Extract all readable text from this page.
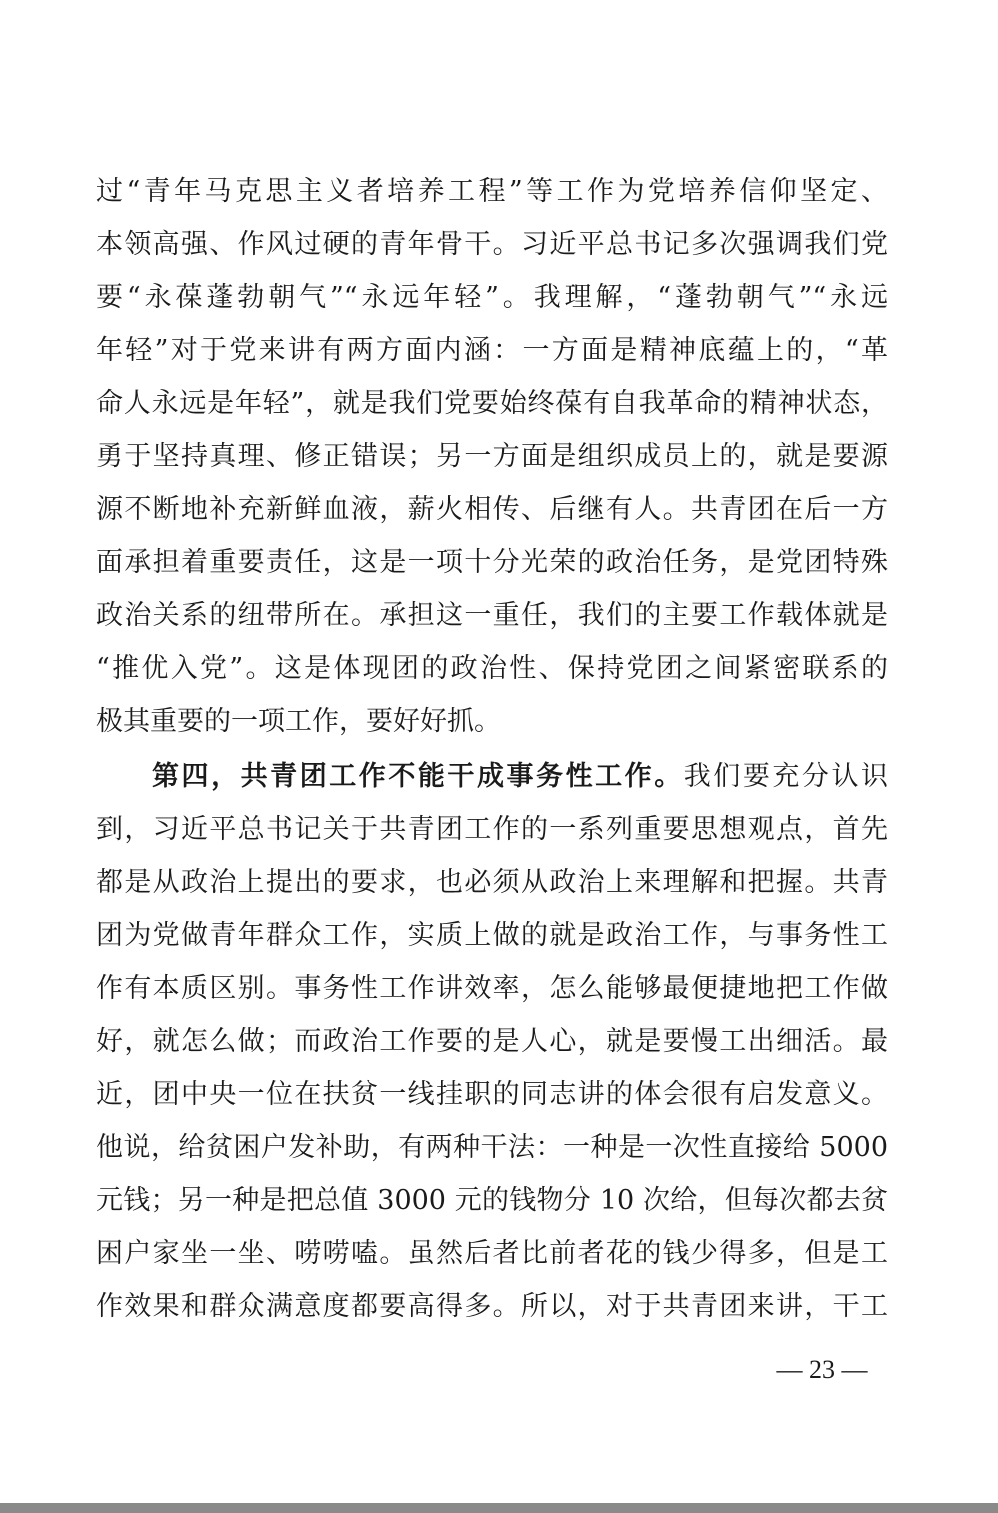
过“青年马克思主义者培养工程”等工作为党培养信仰坚定、
本领高强、作风过硬的青年骨干。习近平总书记多次强调我们党
要“永葆蓬勃朝气”“永远年轻”。我理解，“蓬勃朝气”“永远
年轻”对于党来讲有两方面内涵：一方面是精神底蕴上的，“革
命人永远是年轻”，就是我们党要始终葆有自我革命的精神状态，
勇于坚持真理、修正错误；另一方面是组织成员上的，就是要源
源不断地补充新鲜血液，薪火相传、后继有人。共青团在后一方
面承担着重要责任，这是一项十分光荣的政治任务，是党团特殊
政治关系的纽带所在。承担这一重任，我们的主要工作载体就是
“推优入党”。这是体现团的政治性、保持党团之间紧密联系的
极其重要的一项工作，要好好抓。
第四，共青团工作不能干成事务性工作。我们要充分认识
到，习近平总书记关于共青团工作的一系列重要思想观点，首先
都是从政治上提出的要求，也必须从政治上来理解和把握。共青
团为党做青年群众工作，实质上做的就是政治工作，与事务性工
作有本质区别。事务性工作讲效率，怎么能够最便捷地把工作做
好，就怎么做；而政治工作要的是人心，就是要慢工出细活。最
近，团中央一位在扶贫一线挂职的同志讲的体会很有启发意义。
他说，给贫困户发补助，有两种干法：一种是一次性直接给 5000
元钱；另一种是把总值 3000 元的钱物分 10 次给，但每次都去贫
困户家坐一坐、唠唠嗑。虽然后者比前者花的钱少得多，但是工
作效果和群众满意度都要高得多。所以，对于共青团来讲，干工
— 23 —
